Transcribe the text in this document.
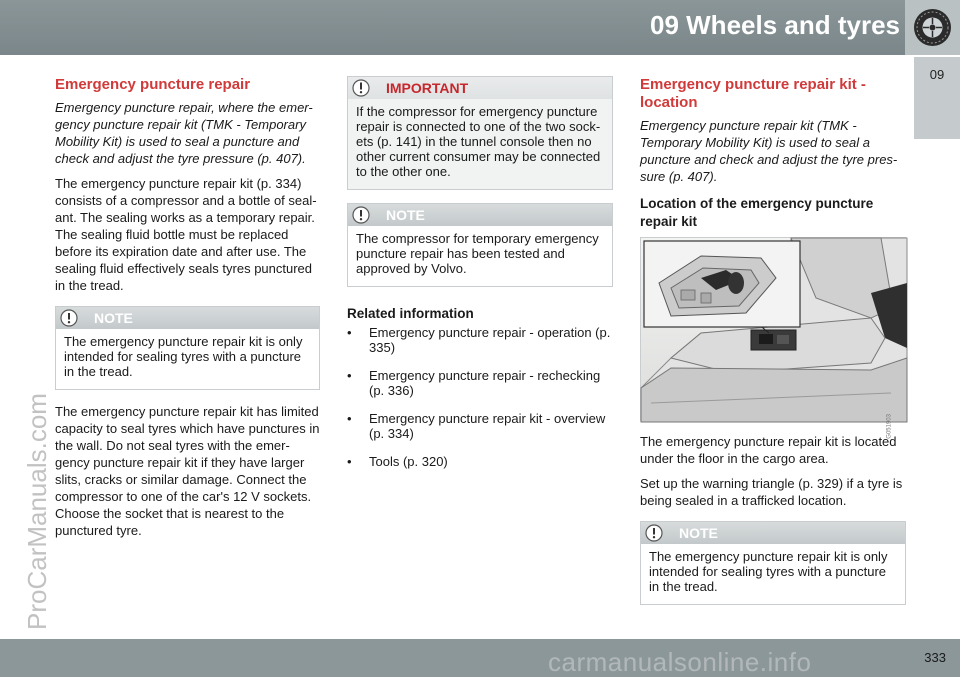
09 Wheels and tyres
09
ProCarManuals.com
Emergency puncture repair
Emergency puncture repair, where the emer-gency puncture repair kit (TMK - Temporary Mobility Kit) is used to seal a puncture and check and adjust the tyre pressure (p. 407).

The emergency puncture repair kit (p. 334) consists of a compressor and a bottle of seal-ant. The sealing works as a temporary repair. The sealing fluid bottle must be replaced before its expiration date and after use. The sealing fluid effectively seals tyres punctured in the tread.

NOTE
The emergency puncture repair kit is only intended for sealing tyres with a puncture in the tread.

The emergency puncture repair kit has limited capacity to seal tyres which have punctures in the wall. Do not seal tyres with the emer-gency puncture repair kit if they have larger slits, cracks or similar damage. Connect the compressor to one of the car's 12 V sockets. Choose the socket that is nearest to the punctured tyre.

IMPORTANT
If the compressor for emergency puncture repair is connected to one of the two sock-ets (p. 141) in the tunnel console then no other current consumer may be connected to the other one.
NOTE
The compressor for temporary emergency puncture repair has been tested and approved by Volvo.
Related information
• Emergency puncture repair - operation (p. 335)
• Emergency puncture repair - rechecking (p. 336)
• Emergency puncture repair kit - overview (p. 334)
• Tools (p. 320)
Emergency puncture repair kit - location
Emergency puncture repair kit (TMK - Temporary Mobility Kit) is used to seal a puncture and check and adjust the tyre pres-sure (p. 407).
Location of the emergency puncture repair kit
G051903

The emergency puncture repair kit is located under the floor in the cargo area.

Set up the warning triangle (p. 329) if a tyre is being sealed in a trafficked location.

NOTE
The emergency puncture repair kit is only intended for sealing tyres with a puncture in the tread.
carmanualsonline.info	333
